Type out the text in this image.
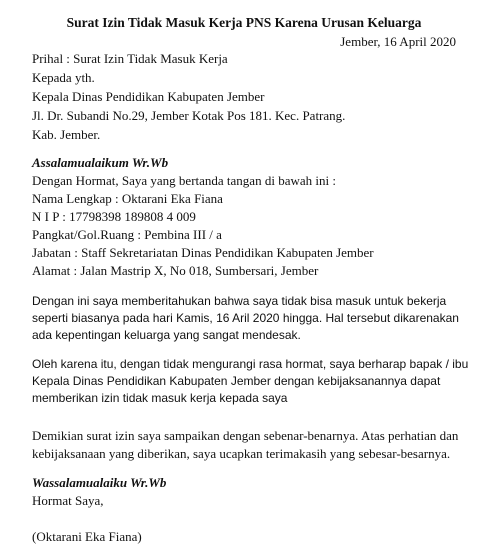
Surat Izin Tidak Masuk Kerja PNS Karena Urusan Keluarga
Jember, 16 April 2020
Prihal : Surat Izin Tidak Masuk Kerja
Kepada yth.
Kepala Dinas Pendidikan Kabupaten Jember
Jl. Dr. Subandi No.29, Jember Kotak Pos 181. Kec. Patrang.
Kab. Jember.
Assalamualaikum Wr.Wb
Dengan Hormat, Saya yang bertanda tangan di bawah ini :
Nama Lengkap : Oktarani Eka Fiana
N I P : 17798398 189808 4 009
Pangkat/Gol.Ruang : Pembina III / a
Jabatan : Staff Sekretariatan Dinas Pendidikan Kabupaten Jember
Alamat : Jalan Mastrip X, No 018, Sumbersari, Jember
Dengan ini saya memberitahukan bahwa saya tidak bisa masuk untuk bekerja
seperti biasanya pada hari Kamis, 16 Aril 2020 hingga. Hal tersebut dikarenakan
ada kepentingan keluarga yang sangat mendesak.
Oleh karena itu, dengan tidak mengurangi rasa hormat, saya berharap bapak / ibu
Kepala Dinas Pendidikan Kabupaten Jember dengan kebijaksanannya dapat
memberikan izin tidak masuk kerja kepada saya
Demikian surat izin saya sampaikan dengan sebenar-benarnya. Atas perhatian dan
kebijaksanaan yang diberikan, saya ucapkan terimakasih yang sebesar-besarnya.
Wassalamualaiku Wr.Wb
Hormat Saya,
(Oktarani Eka Fiana)
